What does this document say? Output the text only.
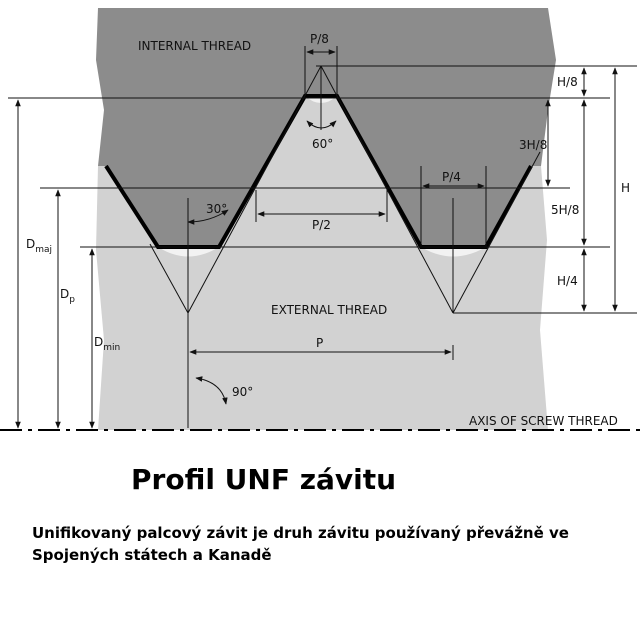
INTERNAL THREAD
EXTERNAL THREAD
AXIS OF SCREW THREAD
P/8
60°
P/4
30°
P/2
P
90°
H/8
3H/8
5H/8
H/4
H
$D_{maj}$
$D_p$
$D_{min}$
Profil UNF závitu
Unifikovaný palcový závit je druh závitu používaný převážně ve Spojených státech a Kanadě
